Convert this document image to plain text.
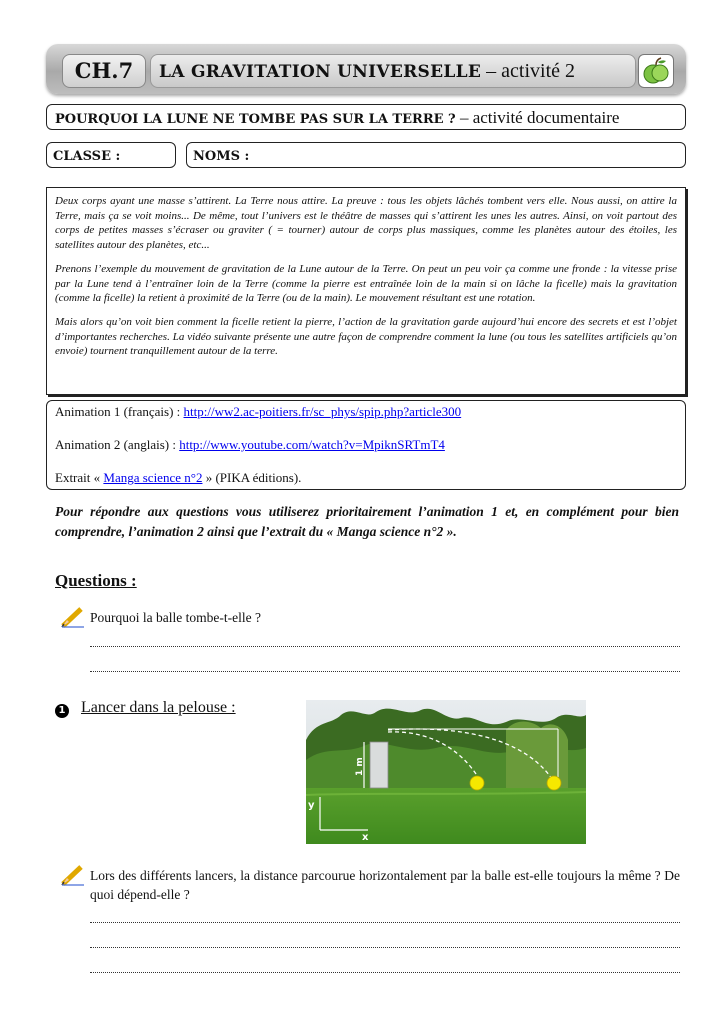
CH.7	LA GRAVITATION UNIVERSELLE – activité 2
POURQUOI LA LUNE NE TOMBE PAS SUR LA TERRE ? – activité documentaire
CLASSE :	NOMS :

Deux corps ayant une masse s’attirent. La Terre nous attire. La preuve : tous les objets lâchés tombent vers elle. Nous aussi, on attire la Terre, mais ça se voit moins... De même, tout l’univers est le théâtre de masses qui s’attirent les unes les autres. Ainsi, on voit partout des corps de petites masses s’écraser ou graviter ( = tourner) autour de corps plus massiques, comme les planètes autour des étoiles, les satellites autour des planètes, etc...

Prenons l’exemple du mouvement de gravitation de la Lune autour de la Terre. On peut un peu voir ça comme une fronde : la vitesse prise par la Lune tend à l’entraîner loin de la Terre (comme la pierre est entraînée loin de la main si on lâche la ficelle) mais la gravitation (comme la ficelle) la retient à proximité de la Terre (ou de la main). Le mouvement résultant est une rotation.

Mais alors qu’on voit bien comment la ficelle retient la pierre, l’action de la gravitation garde aujourd’hui encore des secrets et est l’objet d’importantes recherches. La vidéo suivante présente une autre façon de comprendre comment la lune (ou tous les satellites artificiels qu’on envoie) tournent tranquillement autour de la terre.

Animation 1 (français) : http://ww2.ac-poitiers.fr/sc_phys/spip.php?article300
Animation 2 (anglais) : http://www.youtube.com/watch?v=MpiknSRTmT4
Extrait « Manga science n°2 » (PIKA éditions).
Pour répondre aux questions vous utiliserez prioritairement l’animation 1 et, en complément pour bien comprendre, l’animation 2 ainsi que l’extrait du « Manga science n°2 ».
Questions :
Pourquoi la balle tombe-t-elle ?
1 Lancer dans la pelouse :
1 m
y
x
Lors des différents lancers, la distance parcourue horizontalement par la balle est-elle toujours la même ? De quoi dépend-elle ?
